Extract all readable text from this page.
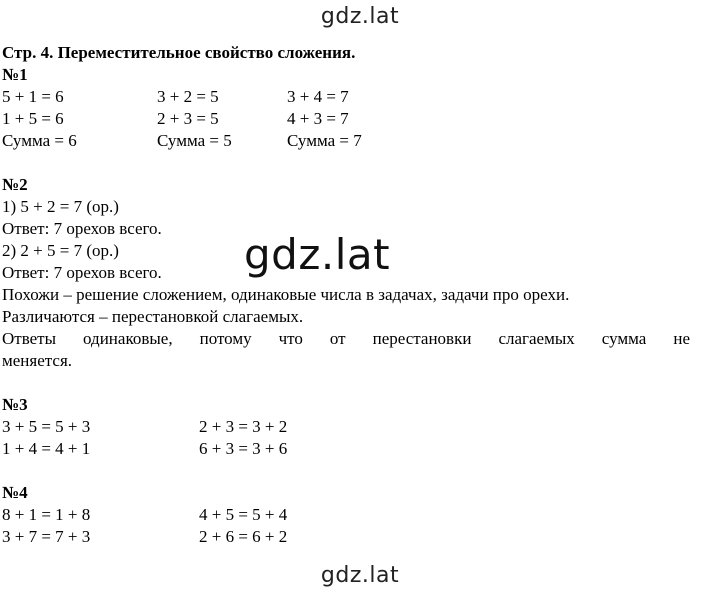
gdz.lat

Стр. 4. Переместительное свойство сложения.

№1

5 + 1 = 6	3 + 2 = 5	3 + 4 = 7
1 + 5 = 6	2 + 3 = 5	4 + 3 = 7
Сумма = 6	Сумма = 5	Сумма = 7

№2

1) 5 + 2 = 7 (ор.)

Ответ: 7 орехов всего.

2) 2 + 5 = 7 (ор.)

Ответ: 7 орехов всего.

Похожи – решение сложением, одинаковые числа в задачах, задачи про орехи.

Различаются – перестановкой слагаемых.

Ответы одинаковые, потому что от перестановки слагаемых сумма не

меняется.

№3

3 + 5 = 5 + 3	2 + 3 = 3 + 2
1 + 4 = 4 + 1	6 + 3 = 3 + 6

№4

8 + 1 = 1 + 8	4 + 5 = 5 + 4
3 + 7 = 7 + 3	2 + 6 = 6 + 2
gdz.lat
gdz.lat
